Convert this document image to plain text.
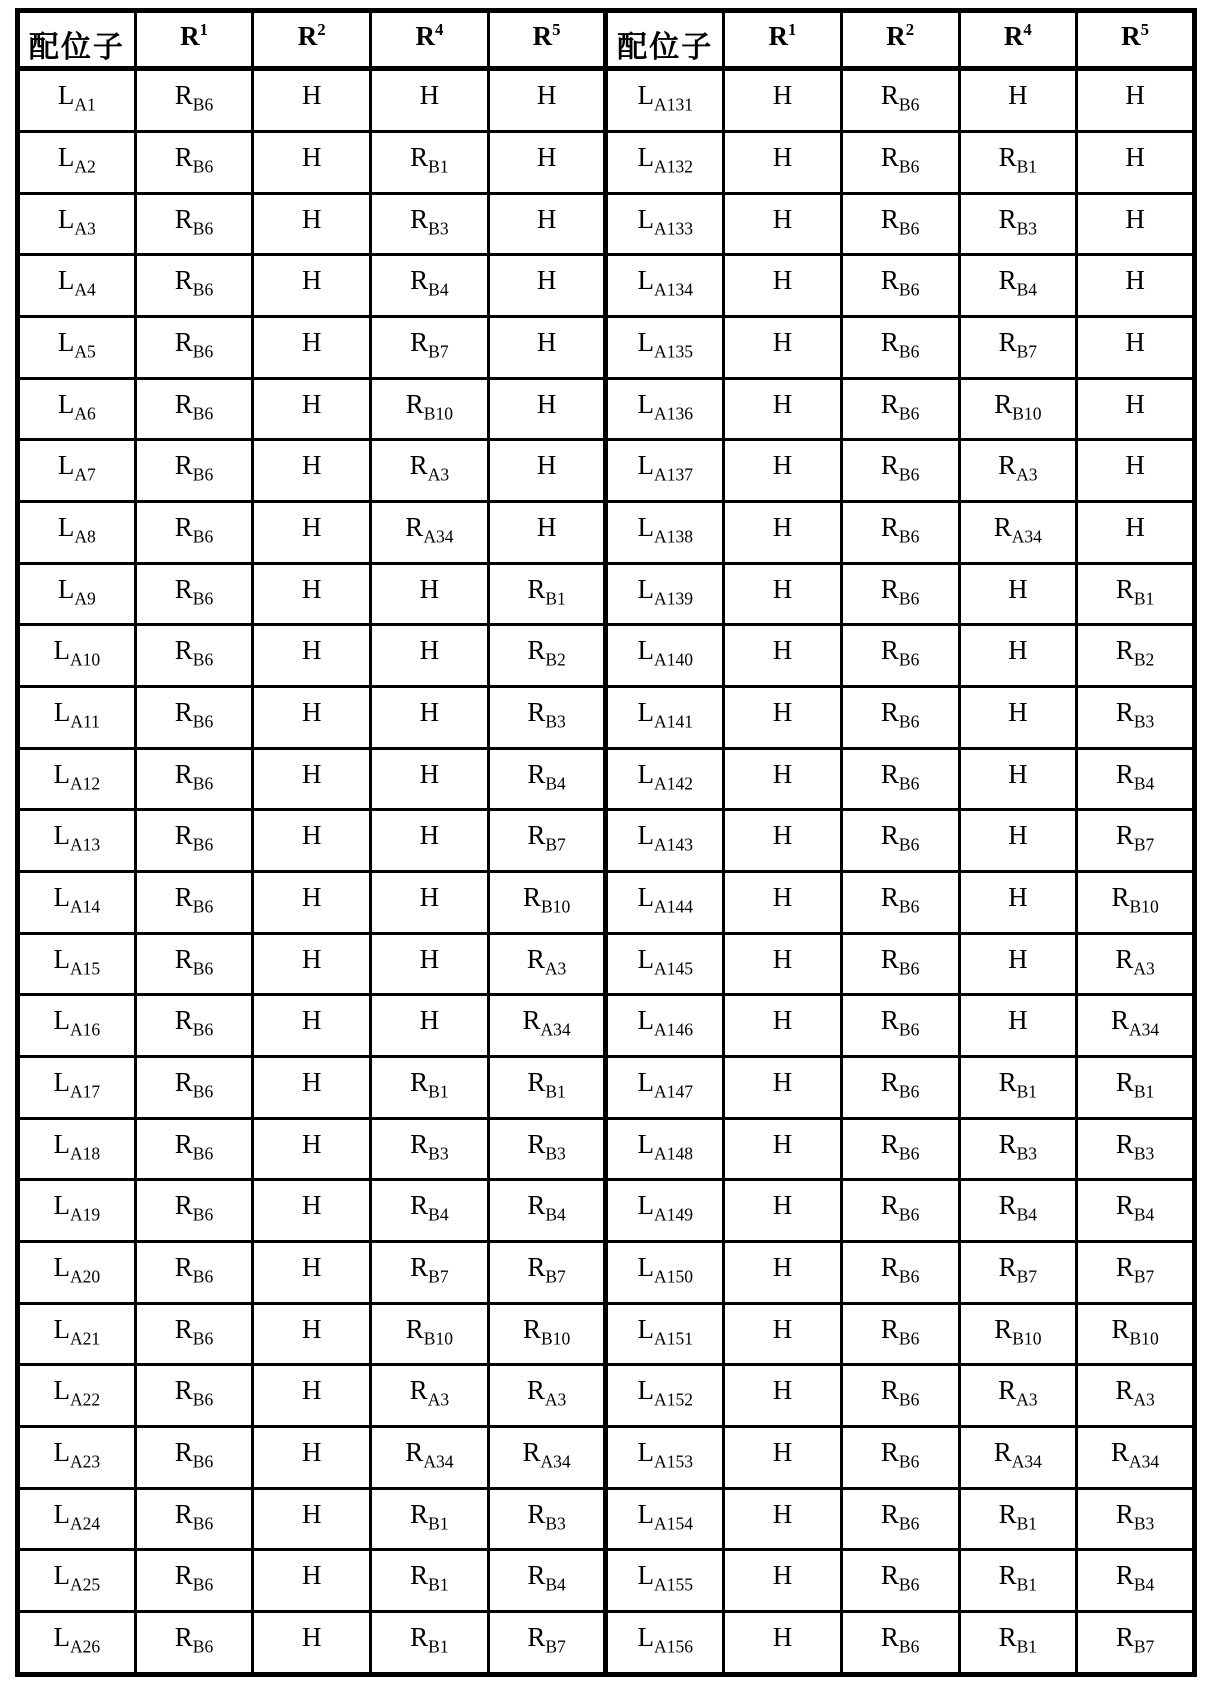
配位子	$R^1$	$R^2$	$R^4$	$R^5$	配位子	$R^1$	$R^2$	$R^4$	$R^5$
$L_{A1}$	$R_{B6}$	H	H	H	$L_{A131}$	H	$R_{B6}$	H	H
$L_{A2}$	$R_{B6}$	H	$R_{B1}$	H	$L_{A132}$	H	$R_{B6}$	$R_{B1}$	H
$L_{A3}$	$R_{B6}$	H	$R_{B3}$	H	$L_{A133}$	H	$R_{B6}$	$R_{B3}$	H
$L_{A4}$	$R_{B6}$	H	$R_{B4}$	H	$L_{A134}$	H	$R_{B6}$	$R_{B4}$	H
$L_{A5}$	$R_{B6}$	H	$R_{B7}$	H	$L_{A135}$	H	$R_{B6}$	$R_{B7}$	H
$L_{A6}$	$R_{B6}$	H	$R_{B10}$	H	$L_{A136}$	H	$R_{B6}$	$R_{B10}$	H
$L_{A7}$	$R_{B6}$	H	$R_{A3}$	H	$L_{A137}$	H	$R_{B6}$	$R_{A3}$	H
$L_{A8}$	$R_{B6}$	H	$R_{A34}$	H	$L_{A138}$	H	$R_{B6}$	$R_{A34}$	H
$L_{A9}$	$R_{B6}$	H	H	$R_{B1}$	$L_{A139}$	H	$R_{B6}$	H	$R_{B1}$
$L_{A10}$	$R_{B6}$	H	H	$R_{B2}$	$L_{A140}$	H	$R_{B6}$	H	$R_{B2}$
$L_{A11}$	$R_{B6}$	H	H	$R_{B3}$	$L_{A141}$	H	$R_{B6}$	H	$R_{B3}$
$L_{A12}$	$R_{B6}$	H	H	$R_{B4}$	$L_{A142}$	H	$R_{B6}$	H	$R_{B4}$
$L_{A13}$	$R_{B6}$	H	H	$R_{B7}$	$L_{A143}$	H	$R_{B6}$	H	$R_{B7}$
$L_{A14}$	$R_{B6}$	H	H	$R_{B10}$	$L_{A144}$	H	$R_{B6}$	H	$R_{B10}$
$L_{A15}$	$R_{B6}$	H	H	$R_{A3}$	$L_{A145}$	H	$R_{B6}$	H	$R_{A3}$
$L_{A16}$	$R_{B6}$	H	H	$R_{A34}$	$L_{A146}$	H	$R_{B6}$	H	$R_{A34}$
$L_{A17}$	$R_{B6}$	H	$R_{B1}$	$R_{B1}$	$L_{A147}$	H	$R_{B6}$	$R_{B1}$	$R_{B1}$
$L_{A18}$	$R_{B6}$	H	$R_{B3}$	$R_{B3}$	$L_{A148}$	H	$R_{B6}$	$R_{B3}$	$R_{B3}$
$L_{A19}$	$R_{B6}$	H	$R_{B4}$	$R_{B4}$	$L_{A149}$	H	$R_{B6}$	$R_{B4}$	$R_{B4}$
$L_{A20}$	$R_{B6}$	H	$R_{B7}$	$R_{B7}$	$L_{A150}$	H	$R_{B6}$	$R_{B7}$	$R_{B7}$
$L_{A21}$	$R_{B6}$	H	$R_{B10}$	$R_{B10}$	$L_{A151}$	H	$R_{B6}$	$R_{B10}$	$R_{B10}$
$L_{A22}$	$R_{B6}$	H	$R_{A3}$	$R_{A3}$	$L_{A152}$	H	$R_{B6}$	$R_{A3}$	$R_{A3}$
$L_{A23}$	$R_{B6}$	H	$R_{A34}$	$R_{A34}$	$L_{A153}$	H	$R_{B6}$	$R_{A34}$	$R_{A34}$
$L_{A24}$	$R_{B6}$	H	$R_{B1}$	$R_{B3}$	$L_{A154}$	H	$R_{B6}$	$R_{B1}$	$R_{B3}$
$L_{A25}$	$R_{B6}$	H	$R_{B1}$	$R_{B4}$	$L_{A155}$	H	$R_{B6}$	$R_{B1}$	$R_{B4}$
$L_{A26}$	$R_{B6}$	H	$R_{B1}$	$R_{B7}$	$L_{A156}$	H	$R_{B6}$	$R_{B1}$	$R_{B7}$
